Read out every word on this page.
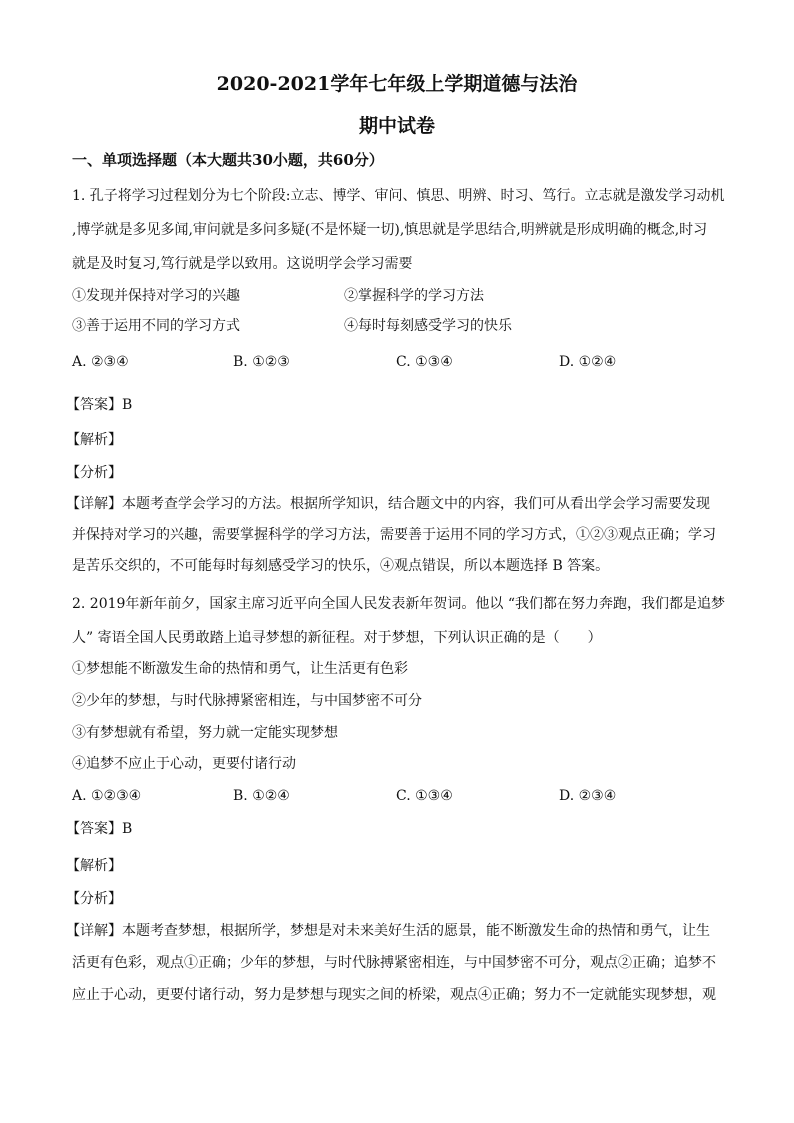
2020-2021学年七年级上学期道德与法治
期中试卷
一、单项选择题（本大题共30小题，共60分）
1. 孔子将学习过程划分为七个阶段:立志、博学、审问、慎思、明辨、时习、笃行。立志就是激发学习动机
,博学就是多见多闻,审问就是多问多疑(不是怀疑一切),慎思就是学思结合,明辨就是形成明确的概念,时习
就是及时复习,笃行就是学以致用。这说明学会学习需要
①发现并保持对学习的兴趣	②掌握科学的学习方法
③善于运用不同的学习方式	④每时每刻感受学习的快乐
A. ②③④	B. ①②③	C. ①③④	D. ①②④
【答案】B
【解析】
【分析】
【详解】本题考查学会学习的方法。根据所学知识，结合题文中的内容，我们可从看出学会学习需要发现
并保持对学习的兴趣，需要掌握科学的学习方法，需要善于运用不同的学习方式，①②③观点正确；学习
是苦乐交织的，不可能每时每刻感受学习的快乐，④观点错误，所以本题选择 B 答案。
2. 2019年新年前夕，国家主席习近平向全国人民发表新年贺词。他以 “我们都在努力奔跑，我们都是追梦
人” 寄语全国人民勇敢踏上追寻梦想的新征程。对于梦想，下列认识正确的是（　　）
①梦想能不断激发生命的热情和勇气，让生活更有色彩
②少年的梦想，与时代脉搏紧密相连，与中国梦密不可分
③有梦想就有希望，努力就一定能实现梦想
④追梦不应止于心动，更要付诸行动
A. ①②③④	B. ①②④	C. ①③④	D. ②③④
【答案】B
【解析】
【分析】
【详解】本题考查梦想，根据所学，梦想是对未来美好生活的愿景，能不断激发生命的热情和勇气，让生
活更有色彩，观点①正确；少年的梦想，与时代脉搏紧密相连，与中国梦密不可分，观点②正确；追梦不
应止于心动，更要付诸行动，努力是梦想与现实之间的桥梁，观点④正确；努力不一定就能实现梦想，观
